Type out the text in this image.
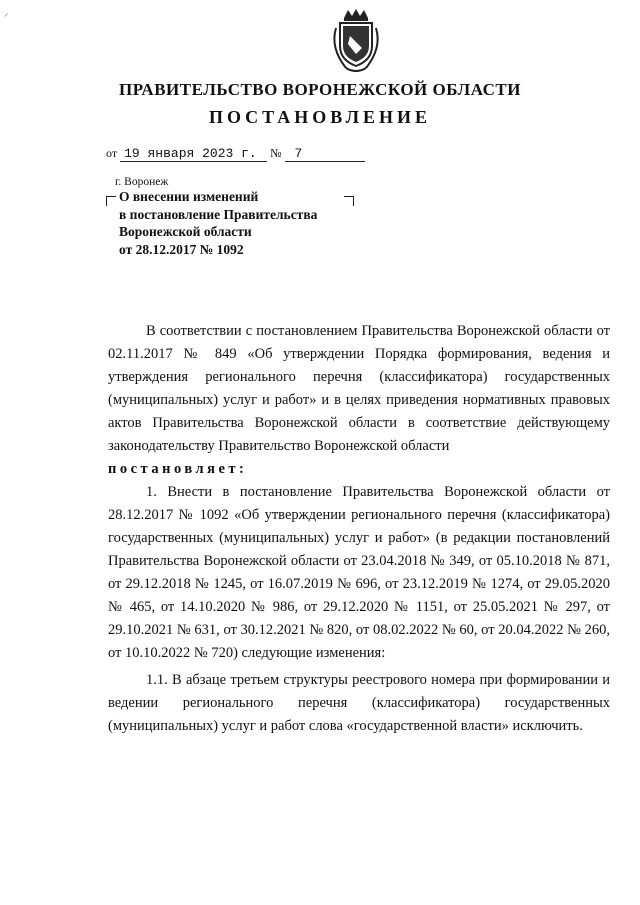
⸝
ПРАВИТЕЛЬСТВО ВОРОНЕЖСКОЙ ОБЛАСТИ
ПОСТАНОВЛЕНИЕ
от 19 января 2023 г. № 7
г. Воронеж
О внесении изменений
в постановление Правительства
Воронежской области
от 28.12.2017 № 1092

В соответствии с постановлением Правительства Воронежской области от 02.11.2017 № 849 «Об утверждении Порядка формирования, ведения и утверждения регионального перечня (классификатора) государственных (муниципальных) услуг и работ» и в целях приведения нормативных правовых актов Правительства Воронежской области в соответствие действующему законодательству Правительство Воронежской области

постановляет:

1. Внести в постановление Правительства Воронежской области от 28.12.2017 № 1092 «Об утверждении регионального перечня (классификатора) государственных (муниципальных) услуг и работ» (в редакции постановлений Правительства Воронежской области от 23.04.2018 № 349, от 05.10.2018 № 871, от 29.12.2018 № 1245, от 16.07.2019 № 696, от 23.12.2019 № 1274, от 29.05.2020 № 465, от 14.10.2020 № 986, от 29.12.2020 № 1151, от 25.05.2021 № 297, от 29.10.2021 № 631, от 30.12.2021 № 820, от 08.02.2022 № 60, от 20.04.2022 № 260, от 10.10.2022 № 720) следующие изменения:

1.1. В абзаце третьем структуры реестрового номера при формировании и ведении регионального перечня (классификатора) государственных (муниципальных) услуг и работ слова «государственной власти» исключить.
